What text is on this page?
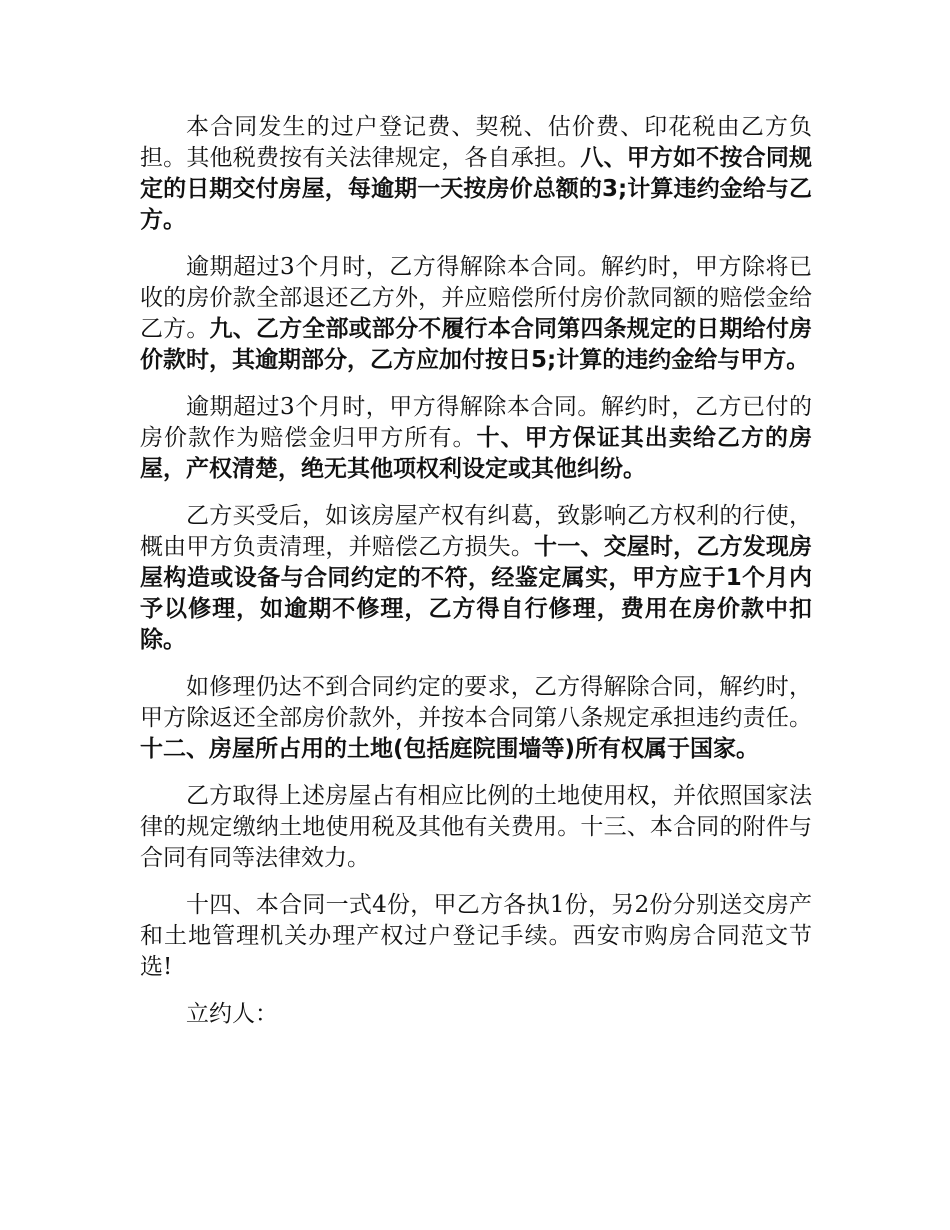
本合同发生的过户登记费、契税、估价费、印花税由乙方负担。其他税费按有关法律规定，各自承担。八、甲方如不按合同规定的日期交付房屋，每逾期一天按房价总额的3;计算违约金给与乙方。

逾期超过3个月时，乙方得解除本合同。解约时，甲方除将已收的房价款全部退还乙方外，并应赔偿所付房价款同额的赔偿金给乙方。九、乙方全部或部分不履行本合同第四条规定的日期给付房价款时，其逾期部分，乙方应加付按日5;计算的违约金给与甲方。

逾期超过3个月时，甲方得解除本合同。解约时，乙方已付的房价款作为赔偿金归甲方所有。十、甲方保证其出卖给乙方的房屋，产权清楚，绝无其他项权利设定或其他纠纷。

乙方买受后，如该房屋产权有纠葛，致影响乙方权利的行使，概由甲方负责清理，并赔偿乙方损失。十一、交屋时，乙方发现房屋构造或设备与合同约定的不符，经鉴定属实，甲方应于1个月内予以修理，如逾期不修理，乙方得自行修理，费用在房价款中扣除。

如修理仍达不到合同约定的要求，乙方得解除合同，解约时，甲方除返还全部房价款外，并按本合同第八条规定承担违约责任。十二、房屋所占用的土地(包括庭院围墙等)所有权属于国家。

乙方取得上述房屋占有相应比例的土地使用权，并依照国家法律的规定缴纳土地使用税及其他有关费用。十三、本合同的附件与合同有同等法律效力。

十四、本合同一式4份，甲乙方各执1份，另2份分别送交房产和土地管理机关办理产权过户登记手续。西安市购房合同范文节选!

立约人：
